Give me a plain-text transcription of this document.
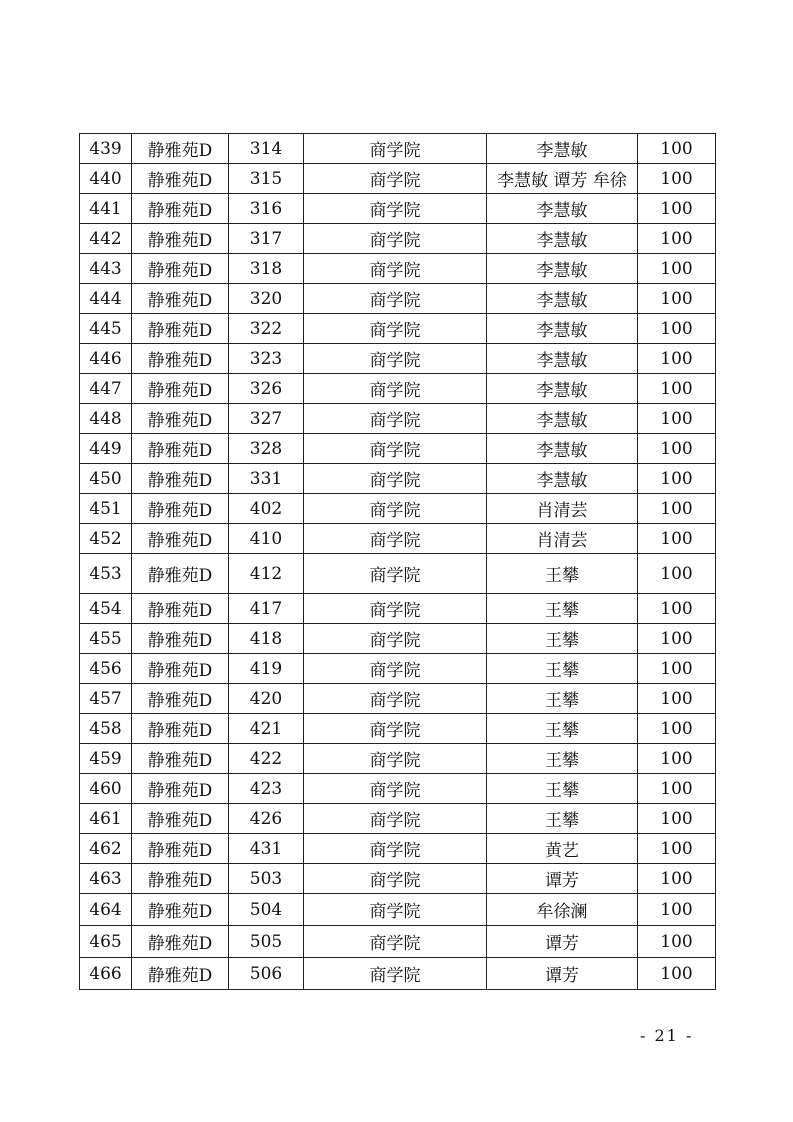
439	静雅苑D	314	商学院	李慧敏	100
440	静雅苑D	315	商学院	李慧敏 谭芳 牟徐	100
441	静雅苑D	316	商学院	李慧敏	100
442	静雅苑D	317	商学院	李慧敏	100
443	静雅苑D	318	商学院	李慧敏	100
444	静雅苑D	320	商学院	李慧敏	100
445	静雅苑D	322	商学院	李慧敏	100
446	静雅苑D	323	商学院	李慧敏	100
447	静雅苑D	326	商学院	李慧敏	100
448	静雅苑D	327	商学院	李慧敏	100
449	静雅苑D	328	商学院	李慧敏	100
450	静雅苑D	331	商学院	李慧敏	100
451	静雅苑D	402	商学院	肖清芸	100
452	静雅苑D	410	商学院	肖清芸	100
453	静雅苑D	412	商学院	王攀	100
454	静雅苑D	417	商学院	王攀	100
455	静雅苑D	418	商学院	王攀	100
456	静雅苑D	419	商学院	王攀	100
457	静雅苑D	420	商学院	王攀	100
458	静雅苑D	421	商学院	王攀	100
459	静雅苑D	422	商学院	王攀	100
460	静雅苑D	423	商学院	王攀	100
461	静雅苑D	426	商学院	王攀	100
462	静雅苑D	431	商学院	黄艺	100
463	静雅苑D	503	商学院	谭芳	100
464	静雅苑D	504	商学院	牟徐澜	100
465	静雅苑D	505	商学院	谭芳	100
466	静雅苑D	506	商学院	谭芳	100
- 21 -
